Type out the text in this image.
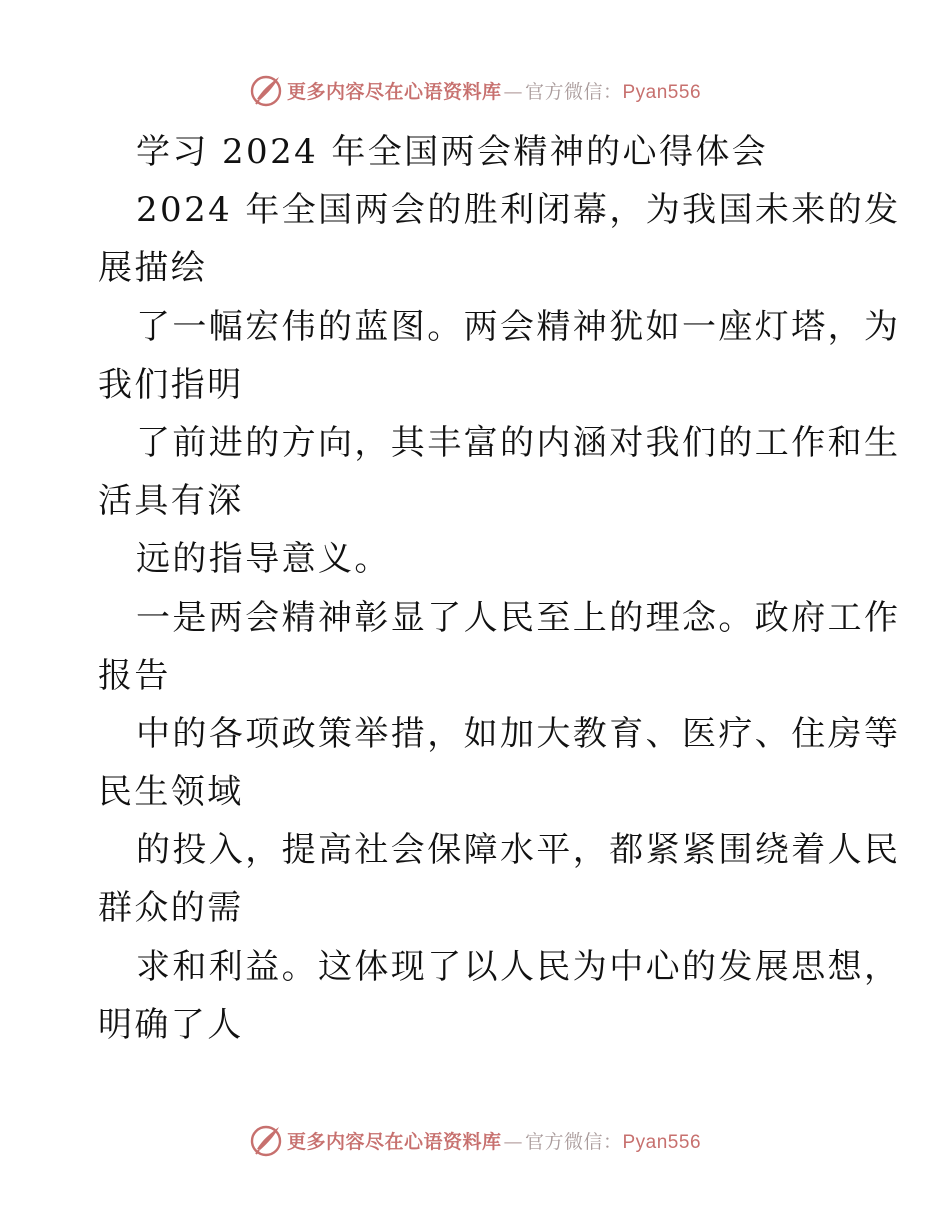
更多内容尽在心语资料库 — 官方微信：Pyan556
学习 2024 年全国两会精神的心得体会
2024 年全国两会的胜利闭幕，为我国未来的发
展描绘
了一幅宏伟的蓝图。两会精神犹如一座灯塔，为
我们指明
了前进的方向，其丰富的内涵对我们的工作和生
活具有深
远的指导意义。
一是两会精神彰显了人民至上的理念。政府工作
报告
中的各项政策举措，如加大教育、医疗、住房等
民生领域
的投入，提高社会保障水平，都紧紧围绕着人民
群众的需
求和利益。这体现了以人民为中心的发展思想，
明确了人
更多内容尽在心语资料库 — 官方微信：Pyan556
